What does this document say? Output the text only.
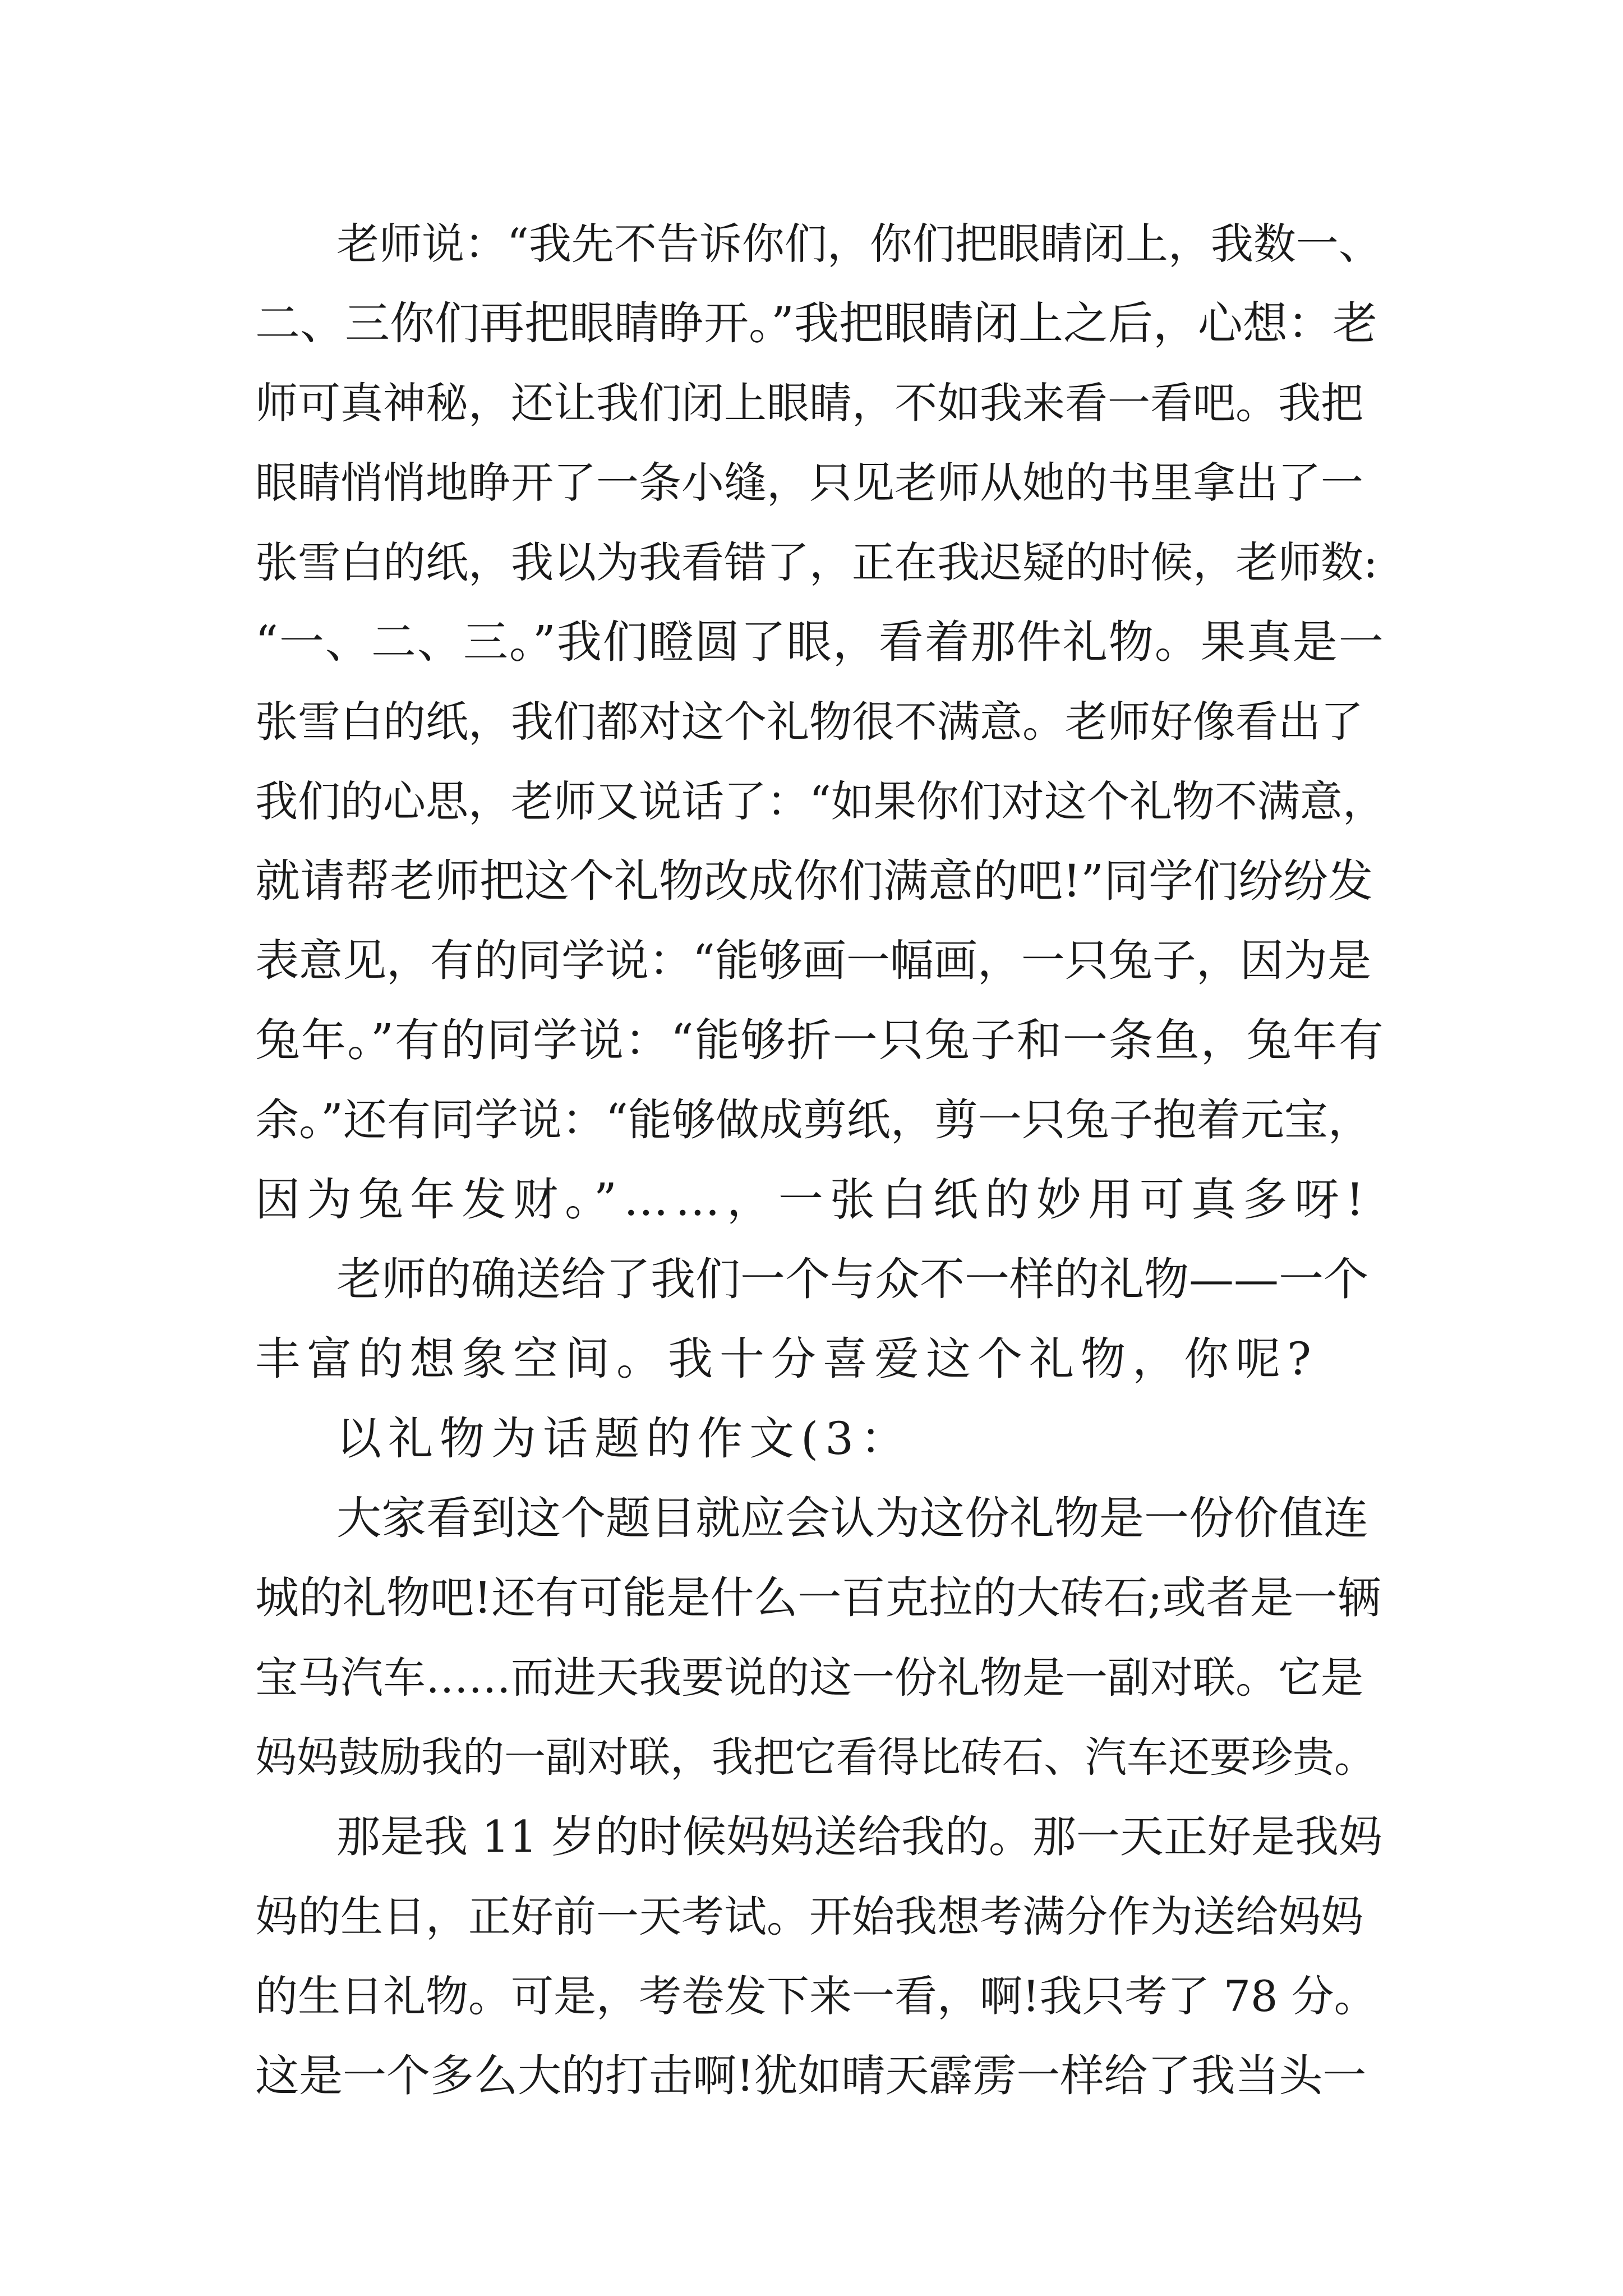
老师说：“我先不告诉你们，你们把眼睛闭上，我数一、

二、三你们再把眼睛睁开。”我把眼睛闭上之后，心想：老

师可真神秘，还让我们闭上眼睛，不如我来看一看吧。我把

眼睛悄悄地睁开了一条小缝，只见老师从她的书里拿出了一

张雪白的纸，我以为我看错了，正在我迟疑的时候，老师数:

“一、二、三。”我们瞪圆了眼，看着那件礼物。果真是一

张雪白的纸，我们都对这个礼物很不满意。老师好像看出了

我们的心思，老师又说话了：“如果你们对这个礼物不满意，

就请帮老师把这个礼物改成你们满意的吧!”同学们纷纷发

表意见，有的同学说：“能够画一幅画，一只兔子，因为是

兔年。”有的同学说：“能够折一只兔子和一条鱼，兔年有

余。”还有同学说：“能够做成剪纸，剪一只兔子抱着元宝，

因为兔年发财。”……，一张白纸的妙用可真多呀!

老师的确送给了我们一个与众不一样的礼物——一个

丰富的想象空间。我十分喜爱这个礼物，你呢?

以礼物为话题的作文(3：

大家看到这个题目就应会认为这份礼物是一份价值连

城的礼物吧!还有可能是什么一百克拉的大砖石;或者是一辆

宝马汽车……而进天我要说的这一份礼物是一副对联。它是

妈妈鼓励我的一副对联，我把它看得比砖石、汽车还要珍贵。

那是我 11 岁的时候妈妈送给我的。那一天正好是我妈

妈的生日，正好前一天考试。开始我想考满分作为送给妈妈

的生日礼物。可是，考卷发下来一看，啊!我只考了 78 分。

这是一个多么大的打击啊!犹如晴天霹雳一样给了我当头一
